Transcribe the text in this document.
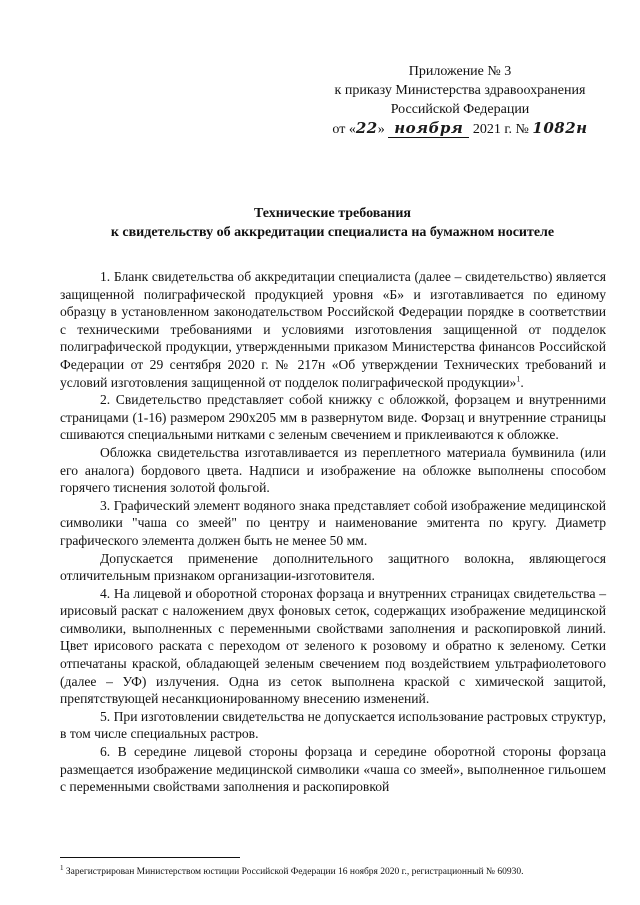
Приложение № 3
к приказу Министерства здравоохранения
Российской Федерации
от «22» ноября 2021 г. № 1082н
Технические требования
к свидетельству об аккредитации специалиста на бумажном носителе

1. Бланк свидетельства об аккредитации специалиста (далее – свидетельство) является защищенной полиграфической продукцией уровня «Б» и изготавливается по единому образцу в установленном законодательством Российской Федерации порядке в соответствии с техническими требованиями и условиями изготовления защищенной от подделок полиграфической продукции, утвержденными приказом Министерства финансов Российской Федерации от 29 сентября 2020 г. № 217н «Об утверждении Технических требований и условий изготовления защищенной от подделок полиграфической продукции»$^1$.

2. Свидетельство представляет собой книжку с обложкой, форзацем и внутренними страницами (1-16) размером 290х205 мм в развернутом виде. Форзац и внутренние страницы сшиваются специальными нитками с зеленым свечением и приклеиваются к обложке.

Обложка свидетельства изготавливается из переплетного материала бумвинила (или его аналога) бордового цвета. Надписи и изображение на обложке выполнены способом горячего тиснения золотой фольгой.

3. Графический элемент водяного знака представляет собой изображение медицинской символики "чаша со змеей" по центру и наименование эмитента по кругу. Диаметр графического элемента должен быть не менее 50 мм.

Допускается применение дополнительного защитного волокна, являющегося отличительным признаком организации-изготовителя.

4. На лицевой и оборотной сторонах форзаца и внутренних страницах свидетельства – ирисовый раскат с наложением двух фоновых сеток, содержащих изображение медицинской символики, выполненных с переменными свойствами заполнения и раскопировкой линий. Цвет ирисового раската с переходом от зеленого к розовому и обратно к зеленому. Сетки отпечатаны краской, обладающей зеленым свечением под воздействием ультрафиолетового (далее – УФ) излучения. Одна из сеток выполнена краской с химической защитой, препятствующей несанкционированному внесению изменений.

5. При изготовлении свидетельства не допускается использование растровых структур, в том числе специальных растров.

6. В середине лицевой стороны форзаца и середине оборотной стороны форзаца размещается изображение медицинской символики «чаша со змеей», выполненное гильошем с переменными свойствами заполнения и раскопировкой

$^1$ Зарегистрирован Министерством юстиции Российской Федерации 16 ноября 2020 г., регистрационный № 60930.
